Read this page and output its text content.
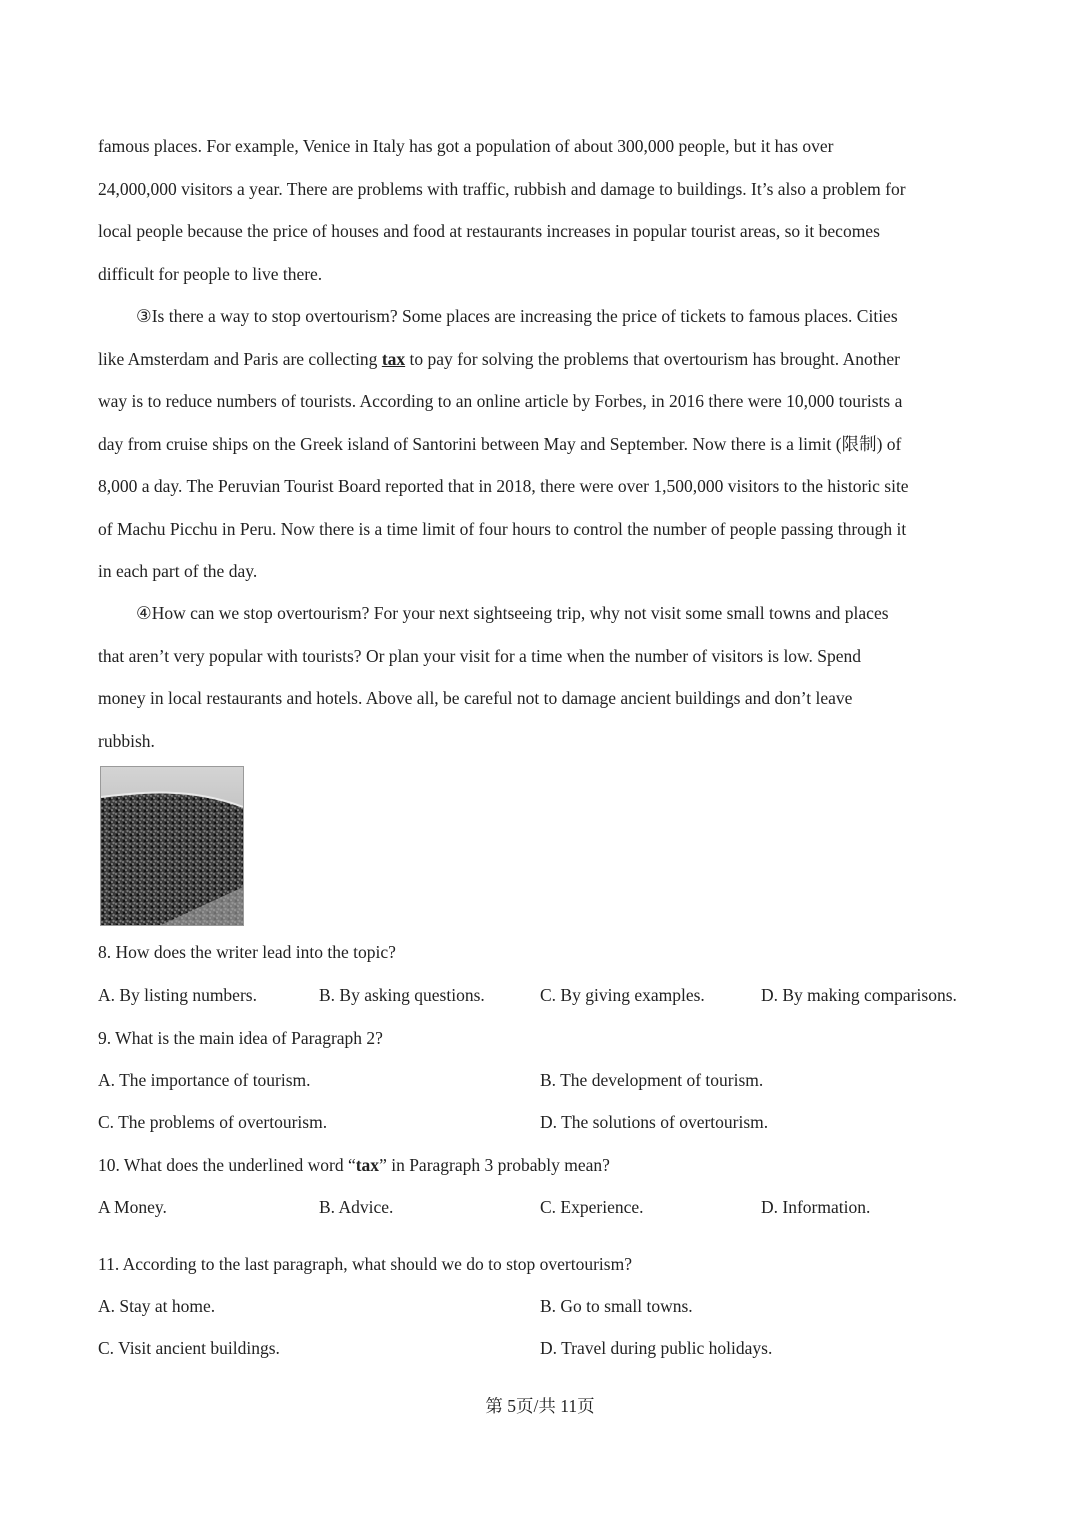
famous places. For example, Venice in Italy has got a population of about 300,000 people, but it has over
24,000,000 visitors a year. There are problems with traffic, rubbish and damage to buildings. It’s also a problem for
local people because the price of houses and food at restaurants increases in popular tourist areas, so it becomes
difficult for people to live there.
③Is there a way to stop overtourism? Some places are increasing the price of tickets to famous places. Cities
like Amsterdam and Paris are collecting tax to pay for solving the problems that overtourism has brought. Another
way is to reduce numbers of tourists. According to an online article by Forbes, in 2016 there were 10,000 tourists a
day from cruise ships on the Greek island of Santorini between May and September. Now there is a limit (限制) of
8,000 a day. The Peruvian Tourist Board reported that in 2018, there were over 1,500,000 visitors to the historic site
of Machu Picchu in Peru. Now there is a time limit of four hours to control the number of people passing through it
in each part of the day.
④How can we stop overtourism? For your next sightseeing trip, why not visit some small towns and places
that aren’t very popular with tourists? Or plan your visit for a time when the number of visitors is low. Spend
money in local restaurants and hotels. Above all, be careful not to damage ancient buildings and don’t leave
rubbish.
8. How does the writer lead into the topic?
A. By listing numbers.	B. By asking questions.	C. By giving examples.	D. By making comparisons.
9. What is the main idea of Paragraph 2?
A. The importance of tourism.	B. The development of tourism.
C. The problems of overtourism.	D. The solutions of overtourism.
10. What does the underlined word “tax” in Paragraph 3 probably mean?
A Money.	B. Advice.	C. Experience.	D. Information.
11. According to the last paragraph, what should we do to stop overtourism?
A. Stay at home.	B. Go to small towns.
C. Visit ancient buildings.	D. Travel during public holidays.
第 5页/共 11页
